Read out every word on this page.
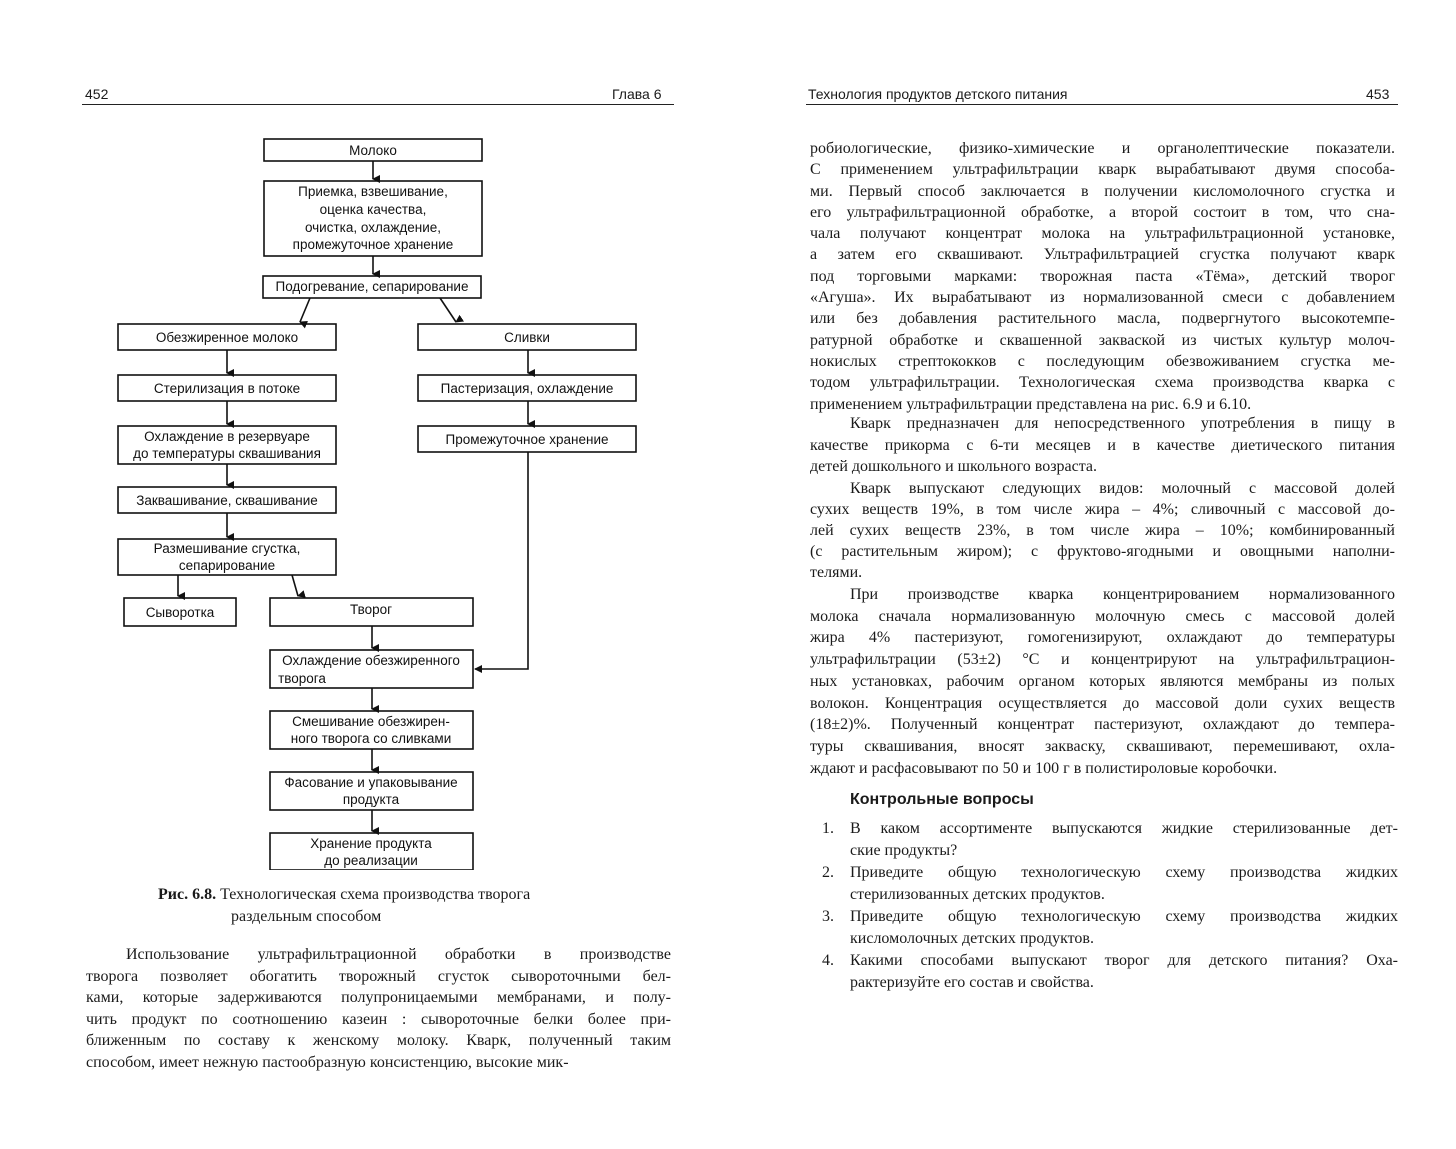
452	Глава 6	Технология продуктов детского питания	453
Молоко
Приемка, взвешивание,
оценка качества,
очистка, охлаждение,
промежуточное хранение
Подогревание, сепарирование
Обезжиренное молоко	Сливки
Стерилизация в потоке	Пастеризация, охлаждение
Охлаждение в резервуаре
до температуры сквашивания
Промежуточное хранение
Заквашивание, сквашивание
Размешивание сгустка,
сепарирование
Сыворотка	Творог
Охлаждение обезжиренного
творога
Смешивание обезжирен-
ного творога со сливками
Фасование и упаковывание
продукта
Хранение продукта
до реализации
Рис. 6.8. Технологическая схема производства творога
раздельным способом
Использование ультрафильтрационной обработки в производстве
творога позволяет обогатить творожный сгусток сывороточными бел-
ками, которые задерживаются полупроницаемыми мембранами, и полу-
чить продукт по соотношению казеин : сывороточные белки более при-
ближенным по составу к женскому молоку. Кварк, полученный таким
способом, имеет нежную пастообразную консистенцию, высокие мик-
робиологические, физико-химические и органолептические показатели.
С применением ультрафильтрации кварк вырабатывают двумя способа-
ми. Первый способ заключается в получении кисломолочного сгустка и
его ультрафильтрационной обработке, а второй состоит в том, что сна-
чала получают концентрат молока на ультрафильтрационной установке,
а затем его сквашивают. Ультрафильтрацией сгустка получают кварк
под торговыми марками: творожная паста «Тёма», детский творог
«Агуша». Их вырабатывают из нормализованной смеси с добавлением
или без добавления растительного масла, подвергнутого высокотемпе-
ратурной обработке и сквашенной закваской из чистых культур молоч-
нокислых стрептококков с последующим обезвоживанием сгустка ме-
тодом ультрафильтрации. Технологическая схема производства кварка с
применением ультрафильтрации представлена на рис. 6.9 и 6.10.
Кварк предназначен для непосредственного употребления в пищу в
качестве прикорма с 6-ти месяцев и в качестве диетического питания
детей дошкольного и школьного возраста.
Кварк выпускают следующих видов: молочный с массовой долей
сухих веществ 19%, в том числе жира – 4%; сливочный с массовой до-
лей сухих веществ 23%, в том числе жира – 10%; комбинированный
(с растительным жиром); с фруктово-ягодными и овощными наполни-
телями.
При производстве кварка концентрированием нормализованного
молока сначала нормализованную молочную смесь с массовой долей
жира 4% пастеризуют, гомогенизируют, охлаждают до температуры
ультрафильтрации (53±2) °С и концентрируют на ультрафильтрацион-
ных установках, рабочим органом которых являются мембраны из полых
волокон. Концентрация осуществляется до массовой доли сухих веществ
(18±2)%. Полученный концентрат пастеризуют, охлаждают до темпера-
туры сквашивания, вносят закваску, сквашивают, перемешивают, охла-
ждают и расфасовывают по 50 и 100 г в полистироловые коробочки.
Контрольные вопросы
1. В каком ассортименте выпускаются жидкие стерилизованные дет-
ские продукты?
2. Приведите общую технологическую схему производства жидких
стерилизованных детских продуктов.
3. Приведите общую технологическую схему производства жидких
кисломолочных детских продуктов.
4. Какими способами выпускают творог для детского питания? Оха-
рактеризуйте его состав и свойства.
